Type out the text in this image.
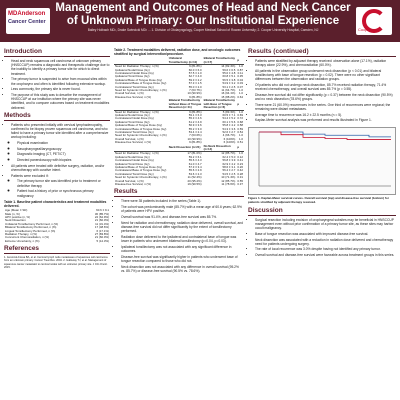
MDAnderson
Cancer Center
Management and Outcomes of Head and Neck Cancer of Unknown Primary: Our Institutional Experience
Bailey Holbach MD¹, Drake Swiecicki MD² ... 1. Division of Otolaryngology, Cooper Medical School of Rowan University; 2. Cooper University Hospital, Camden, NJ	Cooper
Introduction
• Head and neck squamous cell carcinoma of unknown primary (HNSCCUP) remains a diagnostic and therapeutic challenge due to the inability to identify a primary tumor site for which to direct treatment.
• The primary tumor is suspected to arise from mucosal sites within the oropharynx and often is identified following extensive workup.
• Less commonly, the primary site is never found.
• The purpose of this study was to describe the management of HNSCCUP at our institution where the primary site was never identified, and to compare outcomes based on treatment modalities delivered.
Methods
• Patients who presented initially with cervical lymphadenopathy, confirmed to be biopsy proven squamous cell carcinoma, and who failed to have a primary tumor site identified after a comprehensive workup including:
◦ Physical examination
◦ Nasopharyngeal/laryngoscopy
◦ Diagnostic imaging (CT, PET/CT)
◦ Directed panendoscopy with biopsies
• All patients were treated with definitive surgery, radiation, and/or chemotherapy with curative intent.
• Patients were excluded if:
◦ The primary tumor site was identified prior to treatment or definitive therapy
◦ Patient had a history of prior or synchronous primary malignancy
Table 1. Baseline patient characteristics and treatment modalities delivered.
Age (Mean ± SD)	60.6 ± 9.1
Male (n, %)	30 (85.7%)
HPV positive (n, %)	22 (62.9%)
Neck Dissection	21 (60.0%)
Unilateral Tonsillectomy Performed, n (%)	11 (31.4%)
Bilateral Tonsillectomy Performed, n (%)	17 (48.6%)
Lingual Tonsillectomy Performed, n (%)	6 (17.1%)
Radiation Therapy, n (%)	27 (83.8%)
Concurrent Chemoradiation, n (%)	21 (60.0%)
Extreme Uncertainty, n (%)	5 (14.3%)
References
1. Jereczek-Fossa BA, et al. Cervical lymph node metastases of squamous cell carcinoma from an unknown primary. Cancer Treat Rev. 2004. 2. Galloway TJ, et al. Management of squamous cancer metastatic to cervical nodes with an unknown primary site. J Clin Oncol. 2015.
Table 2. Treatment modalities delivered, radiation dose, and oncologic outcomes stratified by surgical intervention/procedure.
	Unilateral Tonsillectomy (n=11)	Bilateral Tonsillectomy (n=17)	p
Need for Radiation Therapy, n (%)	9 (81.8%)	14 (82.4%)	1.0
Ipsilateral Nodal Dose (Gy)	60.0 ± 6.0	59.6 ± 6.5	0.87
Contralateral Nodal Dose (Gy)	57.5 ± 1.0	55.0 ± 4.8	0.11
Ipsilateral Tonsil Dose (Gy)	62.7 ± 4.0	60.8 ± 5.1	0.35
Ipsilateral Base of Tongue Dose (Gy)	59.3 ± 2.2	56.5 ± 3.8	0.04
Contralateral Base of Tongue Dose (Gy)	57.3 ± 1.5	54.9 ± 3.2	0.03
Contralateral Tonsil Dose (Gy)	55.0 ± 2.0	53.1 ± 2.5	0.07
Need for Systemic Chemotherapy, n (%)	7 (63.7%)	11 (64.7%)	1.0
Overall Survival, n (%)	10 (90.9%)	16 (94.1%)	1.0
Disease-free Survival, n (%)	9 (81.8%)	15 (88.2%)	0.64
	Bilateral Tonsillectomy without Base of Tongue Resection (n=11)	Bilateral Tonsillectomy with Base of Tongue Resection (n=6)	p
Need for Radiation Therapy, n (%)	9 (81.8%)	5 (83.3%)	1.0
Ipsilateral Nodal Dose (Gy)	59.1 ± 6.3	60.5 ± 7.1	0.69
Contralateral Nodal Dose (Gy)	55.3 ± 4.6	54.4 ± 5.2	0.72
Ipsilateral Tonsil Dose (Gy)	61.2 ± 4.9	60.1 ± 5.6	0.68
Ipsilateral Base of Tongue Dose (Gy)	56.9 ± 3.6	55.8 ± 4.2	0.58
Contralateral Base of Tongue Dose (Gy)	55.2 ± 3.0	54.3 ± 3.6	0.59
Contralateral Tonsil Dose (Gy)	53.4 ± 2.4	52.6 ± 2.7	0.54
Need for Systemic Chemotherapy, n (%)	7 (63.6%)	4 (66.7%)	1.0
Overall Survival, n (%)	10 (90.9%)	6 (100%)	1.0
Disease-free Survival, n (%)	9 (81.8%)	6 (100%)	0.51
	Neck Dissection (n=21)	No Neck Dissection (n=14)	p
Need for Radiation Therapy, n (%)	17 (81.0%)	12 (85.7%)	1.0
Ipsilateral Nodal Dose (Gy)	59.2 ± 6.1	62.4 ± 5.0	0.12
Contralateral Nodal Dose (Gy)	55.6 ± 4.3	56.8 ± 3.9	0.41
Ipsilateral Tonsil Dose (Gy)	61.0 ± 4.7	62.9 ± 4.2	0.23
Ipsilateral Base of Tongue Dose (Gy)	57.3 ± 3.4	58.6 ± 3.1	0.26
Contralateral Base of Tongue Dose (Gy)	55.6 ± 2.9	56.4 ± 2.7	0.42
Contralateral Tonsil Dose (Gy)	53.6 ± 2.3	54.5 ± 2.5	0.28
Need for Systemic Chemotherapy, n (%)	11 (52.4%)	10 (71.4%)	0.31
Overall Survival, n (%)	20 (95.2%)	12 (85.7%)	0.55
Disease-free Survival, n (%)	19 (90.5%)	11 (78.6%)	0.37
Results
• There were 35 patients included in the series (Table 1).
• The cohort was predominantly male (85.7%) with a mean age of 60.6 years; 62.9% of patients were HPV positive.
• Overall survival was 91.4%, and disease-free survival was 85.7%.
• Need for radiation and chemotherapy, radiation dose delivered, overall survival, and disease-free survival did not differ significantly by the extent of tonsillectomy performed.
• Radiation dose delivered to the ipsilateral and contralateral base of tongue was lower in patients who underwent bilateral tonsillectomy (p=0.04, p=0.03).
• Ipsilateral tonsillectomy was not associated with any significant difference in outcomes.
• Disease-free survival was significantly higher in patients who underwent base of tongue resection compared to those who did not.
• Neck dissection was not associated with any difference in overall survival (95.2% vs. 85.7%) or disease-free survival (90.5% vs. 78.6%).
Results (continued)
• Patients were stratified by adjuvant therapy received: observation alone (17.1%), radiation therapy alone (22.9%), and chemoradiation (60.0%).
• All patients in the observation group underwent neck dissection (p < 0.01) and bilateral tonsillectomy with base of tongue resection (p = 0.02). There were no other significant differences between the observation and radiation groups.
• Of patients who did not undergo neck dissection, 85.7% received radiation therapy, 71.4% received chemotherapy, and overall survival was 85.7% (p = 0.55).
• Disease-free survival did not differ significantly (p = 0.37) between the neck dissection (90.5%) and no neck dissection (78.6%) groups.
• There were 21 (60.0%) recurrences in the series. One third of recurrences were regional; the remaining were distant metastases.
• Average time to recurrence was 16.2 ± 22.5 months (n = 5).
• Kaplan-Meier survival analysis was performed and results illustrated in Figure 1.
Figure 1. Kaplan-Meier survival curves. Overall survival (top) and disease-free survival (bottom) for patients stratified by adjuvant therapy received.
Discussion
• Surgical resection including excision of oropharyngeal subsites may be beneficial in HNSCCUP management even without prior confirmation of a primary tumor site, as these sites may harbor occult malignancy.
• Base of tongue resection was associated with improved disease-free survival.
• Neck dissection was associated with a reduction in radiation dose delivered and chemotherapy need for patients undergoing surgery.
• The rate of local recurrence was 3.0% despite having not identified any primary tumor.
• Overall survival and disease-free survival were favorable across treatment groups in this series.
